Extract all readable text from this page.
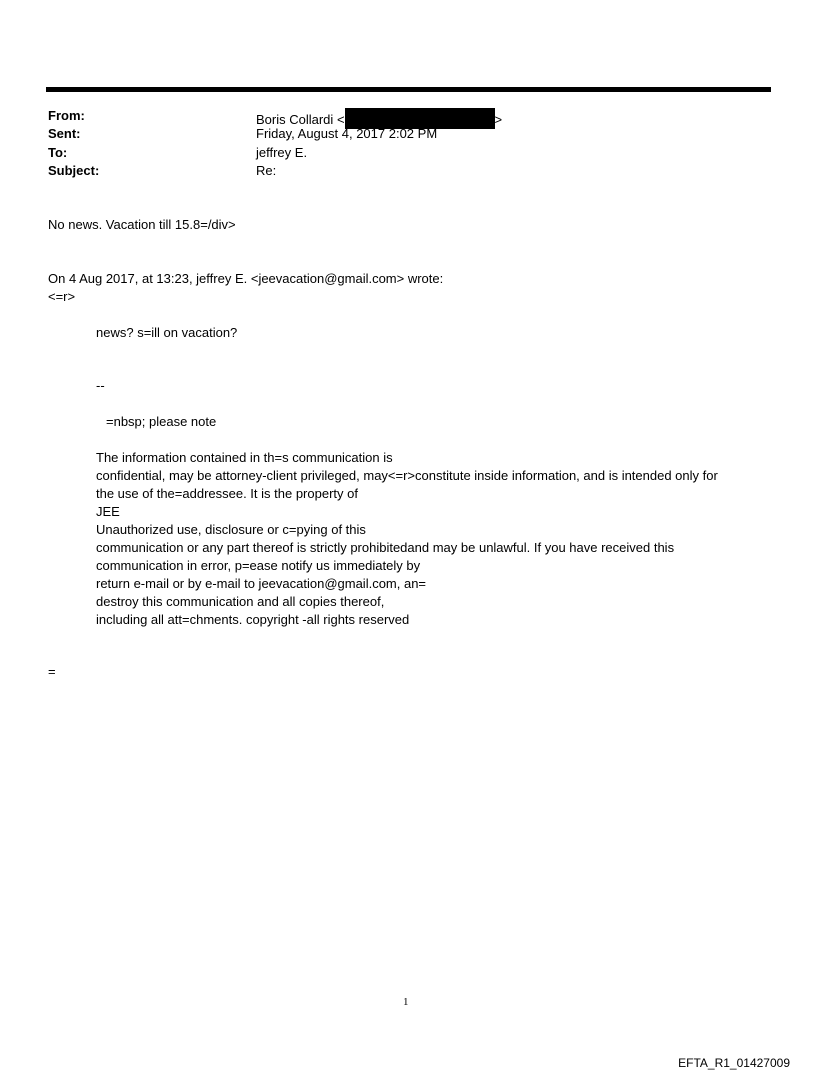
From:	Boris Collardi <	>
Sent:	Friday, August 4, 2017 2:02 PM
To:	jeffrey E.
Subject:	Re:
No news. Vacation till 15.8=/div>
On 4 Aug 2017, at 13:23, jeffrey E. <jeevacation@gmail.com> wrote:
<=r>
news? s=ill on vacation?
--
=nbsp; please note
The information contained in th=s communication is
confidential, may be attorney-client privileged, may<=r>constitute inside information, and is intended only for
the use of the=addressee. It is the property of
JEE
Unauthorized use, disclosure or c=pying of this
communication or any part thereof is strictly prohibitedand may be unlawful. If you have received this
communication in error, p=ease notify us immediately by
return e-mail or by e-mail to jeevacation@gmail.com, an=
destroy this communication and all copies thereof,
including all att=chments. copyright -all rights reserved
=
1
EFTA_R1_01427009
